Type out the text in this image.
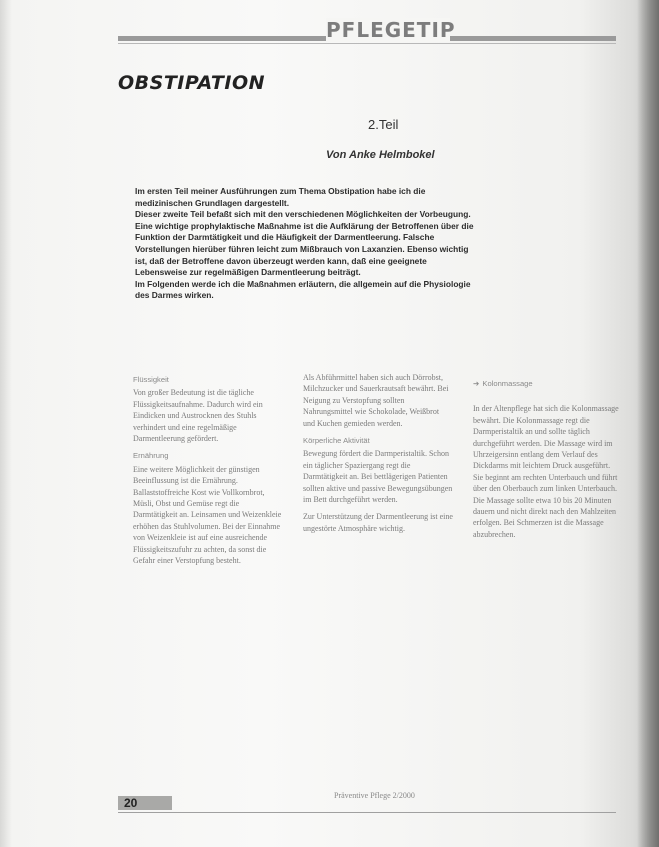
PFLEGETIP
OBSTIPATION
2.Teil
Von Anke Helmbokel

Im ersten Teil meiner Ausführungen zum Thema Obstipation habe ich die medizinischen Grundlagen dargestellt.

Dieser zweite Teil befaßt sich mit den verschiedenen Möglichkeiten der Vorbeugung.

Eine wichtige prophylaktische Maßnahme ist die Aufklärung der Betroffenen über die Funktion der Darmtätigkeit und die Häufigkeit der Darmentleerung. Falsche Vorstellungen hierüber führen leicht zum Mißbrauch von Laxanzien. Ebenso wichtig ist, daß der Betroffene davon überzeugt werden kann, daß eine geeignete Lebensweise zur regelmäßigen Darmentleerung beiträgt.

Im Folgenden werde ich die Maßnahmen erläutern, die allgemein auf die Physiologie des Darmes wirken.

Flüssigkeit

Von großer Bedeutung ist die tägliche Flüssigkeitsaufnahme. Dadurch wird ein Eindicken und Austrocknen des Stuhls verhindert und eine regelmäßige Darmentleerung gefördert.

Ernährung

Eine weitere Möglichkeit der günstigen Beeinflussung ist die Ernährung. Ballaststoffreiche Kost wie Vollkornbrot, Müsli, Obst und Gemüse regt die Darmtätigkeit an. Leinsamen und Weizenkleie erhöhen das Stuhlvolumen. Bei der Einnahme von Weizenkleie ist auf eine ausreichende Flüssigkeitszufuhr zu achten, da sonst die Gefahr einer Verstopfung besteht.

Als Abführmittel haben sich auch Dörrobst, Milchzucker und Sauerkrautsaft bewährt. Bei Neigung zu Verstopfung sollten Nahrungsmittel wie Schokolade, Weißbrot und Kuchen gemieden werden.

Körperliche Aktivität

Bewegung fördert die Darmperistaltik. Schon ein täglicher Spaziergang regt die Darmtätigkeit an. Bei bettlägerigen Patienten sollten aktive und passive Bewegungsübungen im Bett durchgeführt werden.

Zur Unterstützung der Darmentleerung ist eine ungestörte Atmosphäre wichtig.

➔ Kolonmassage

In der Altenpflege hat sich die Kolonmassage bewährt. Die Kolonmassage regt die Darmperistaltik an und sollte täglich durchgeführt werden. Die Massage wird im Uhrzeigersinn entlang dem Verlauf des Dickdarms mit leichtem Druck ausgeführt. Sie beginnt am rechten Unterbauch und führt über den Oberbauch zum linken Unterbauch. Die Massage sollte etwa 10 bis 20 Minuten dauern und nicht direkt nach den Mahlzeiten erfolgen. Bei Schmerzen ist die Massage abzubrechen.

Präventive Pflege 2/2000
20
